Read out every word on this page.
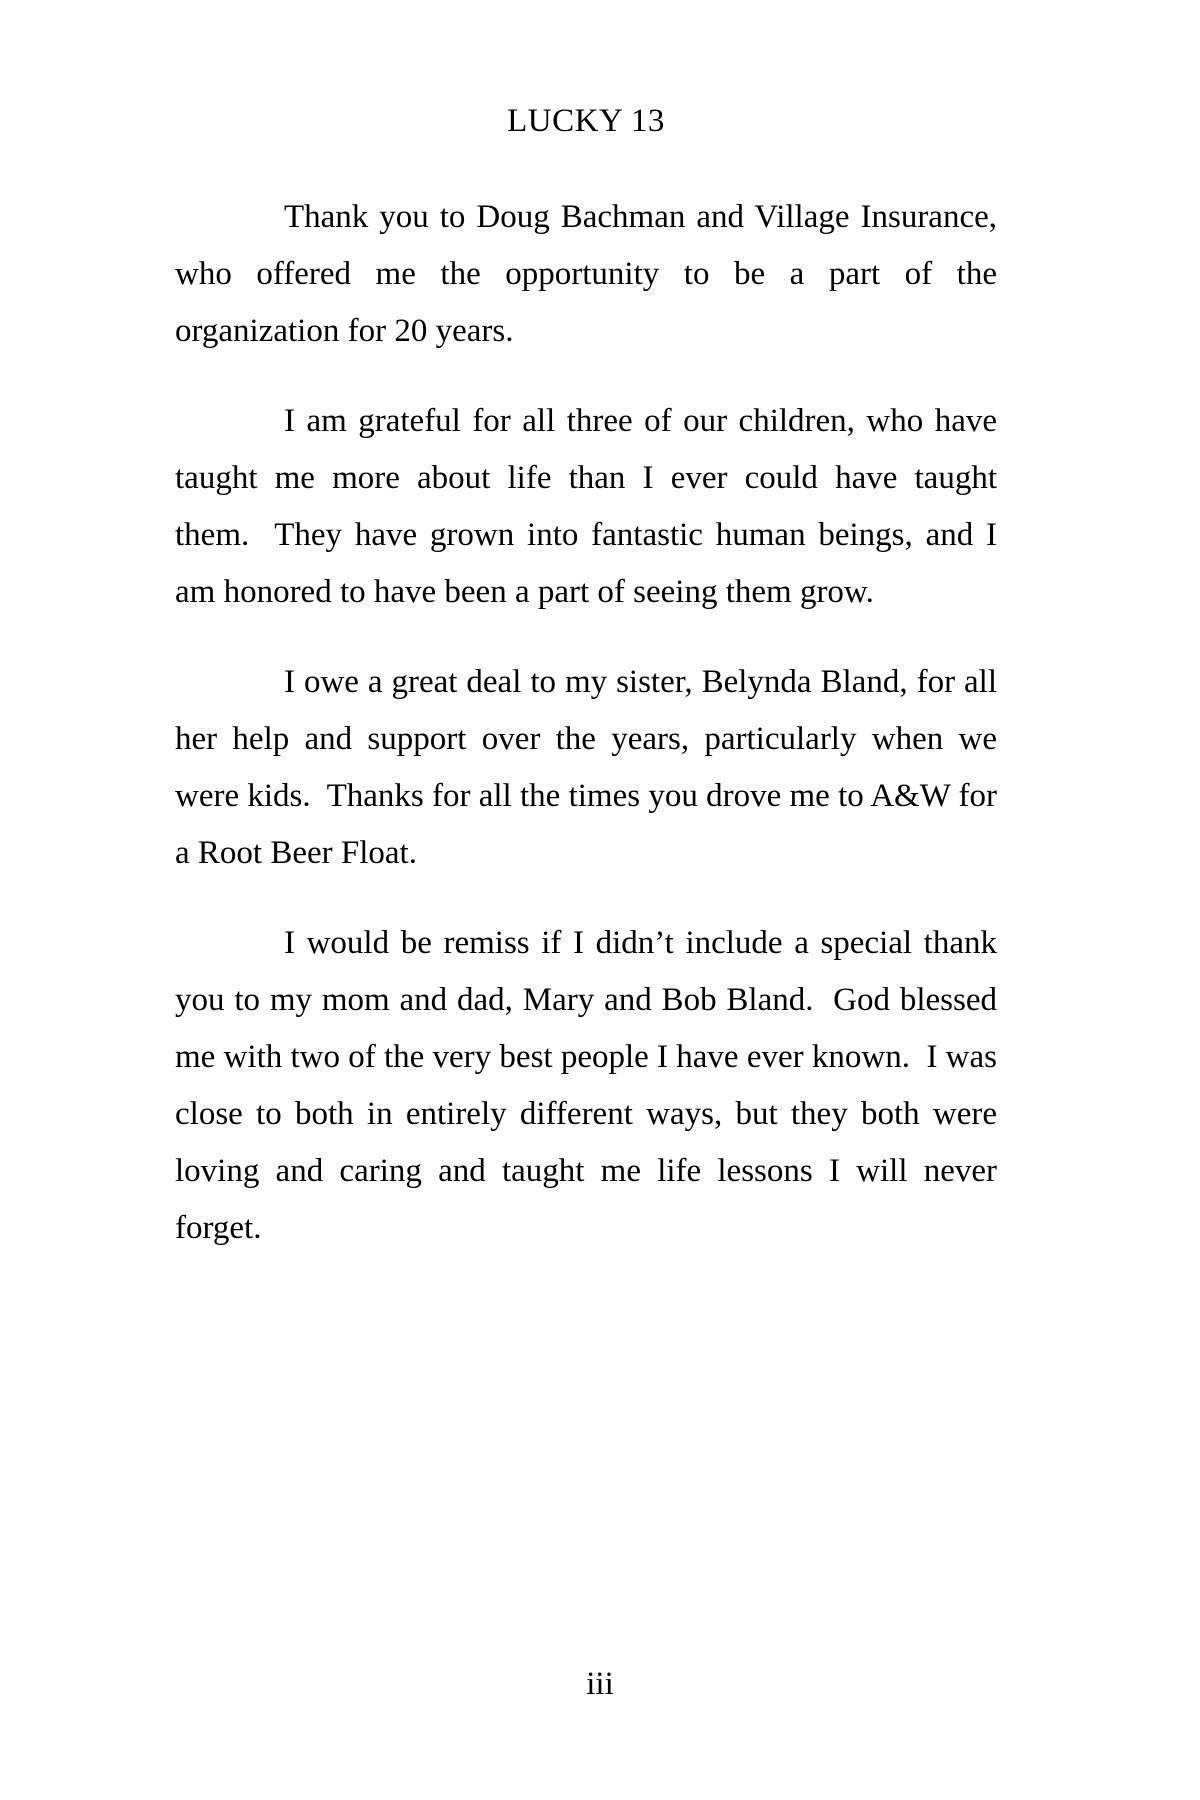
LUCKY 13

Thank you to Doug Bachman and Village Insurance, who offered me the opportunity to be a part of the organization for 20 years.

I am grateful for all three of our children, who have taught me more about life than I ever could have taught them.  They have grown into fantastic human beings, and I am honored to have been a part of seeing them grow.

I owe a great deal to my sister, Belynda Bland, for all her help and support over the years, particularly when we were kids.  Thanks for all the times you drove me to A&W for a Root Beer Float.

I would be remiss if I didn’t include a special thank you to my mom and dad, Mary and Bob Bland.  God blessed me with two of the very best people I have ever known.  I was close to both in entirely different ways, but they both were loving and caring and taught me life lessons I will never forget.

iii
